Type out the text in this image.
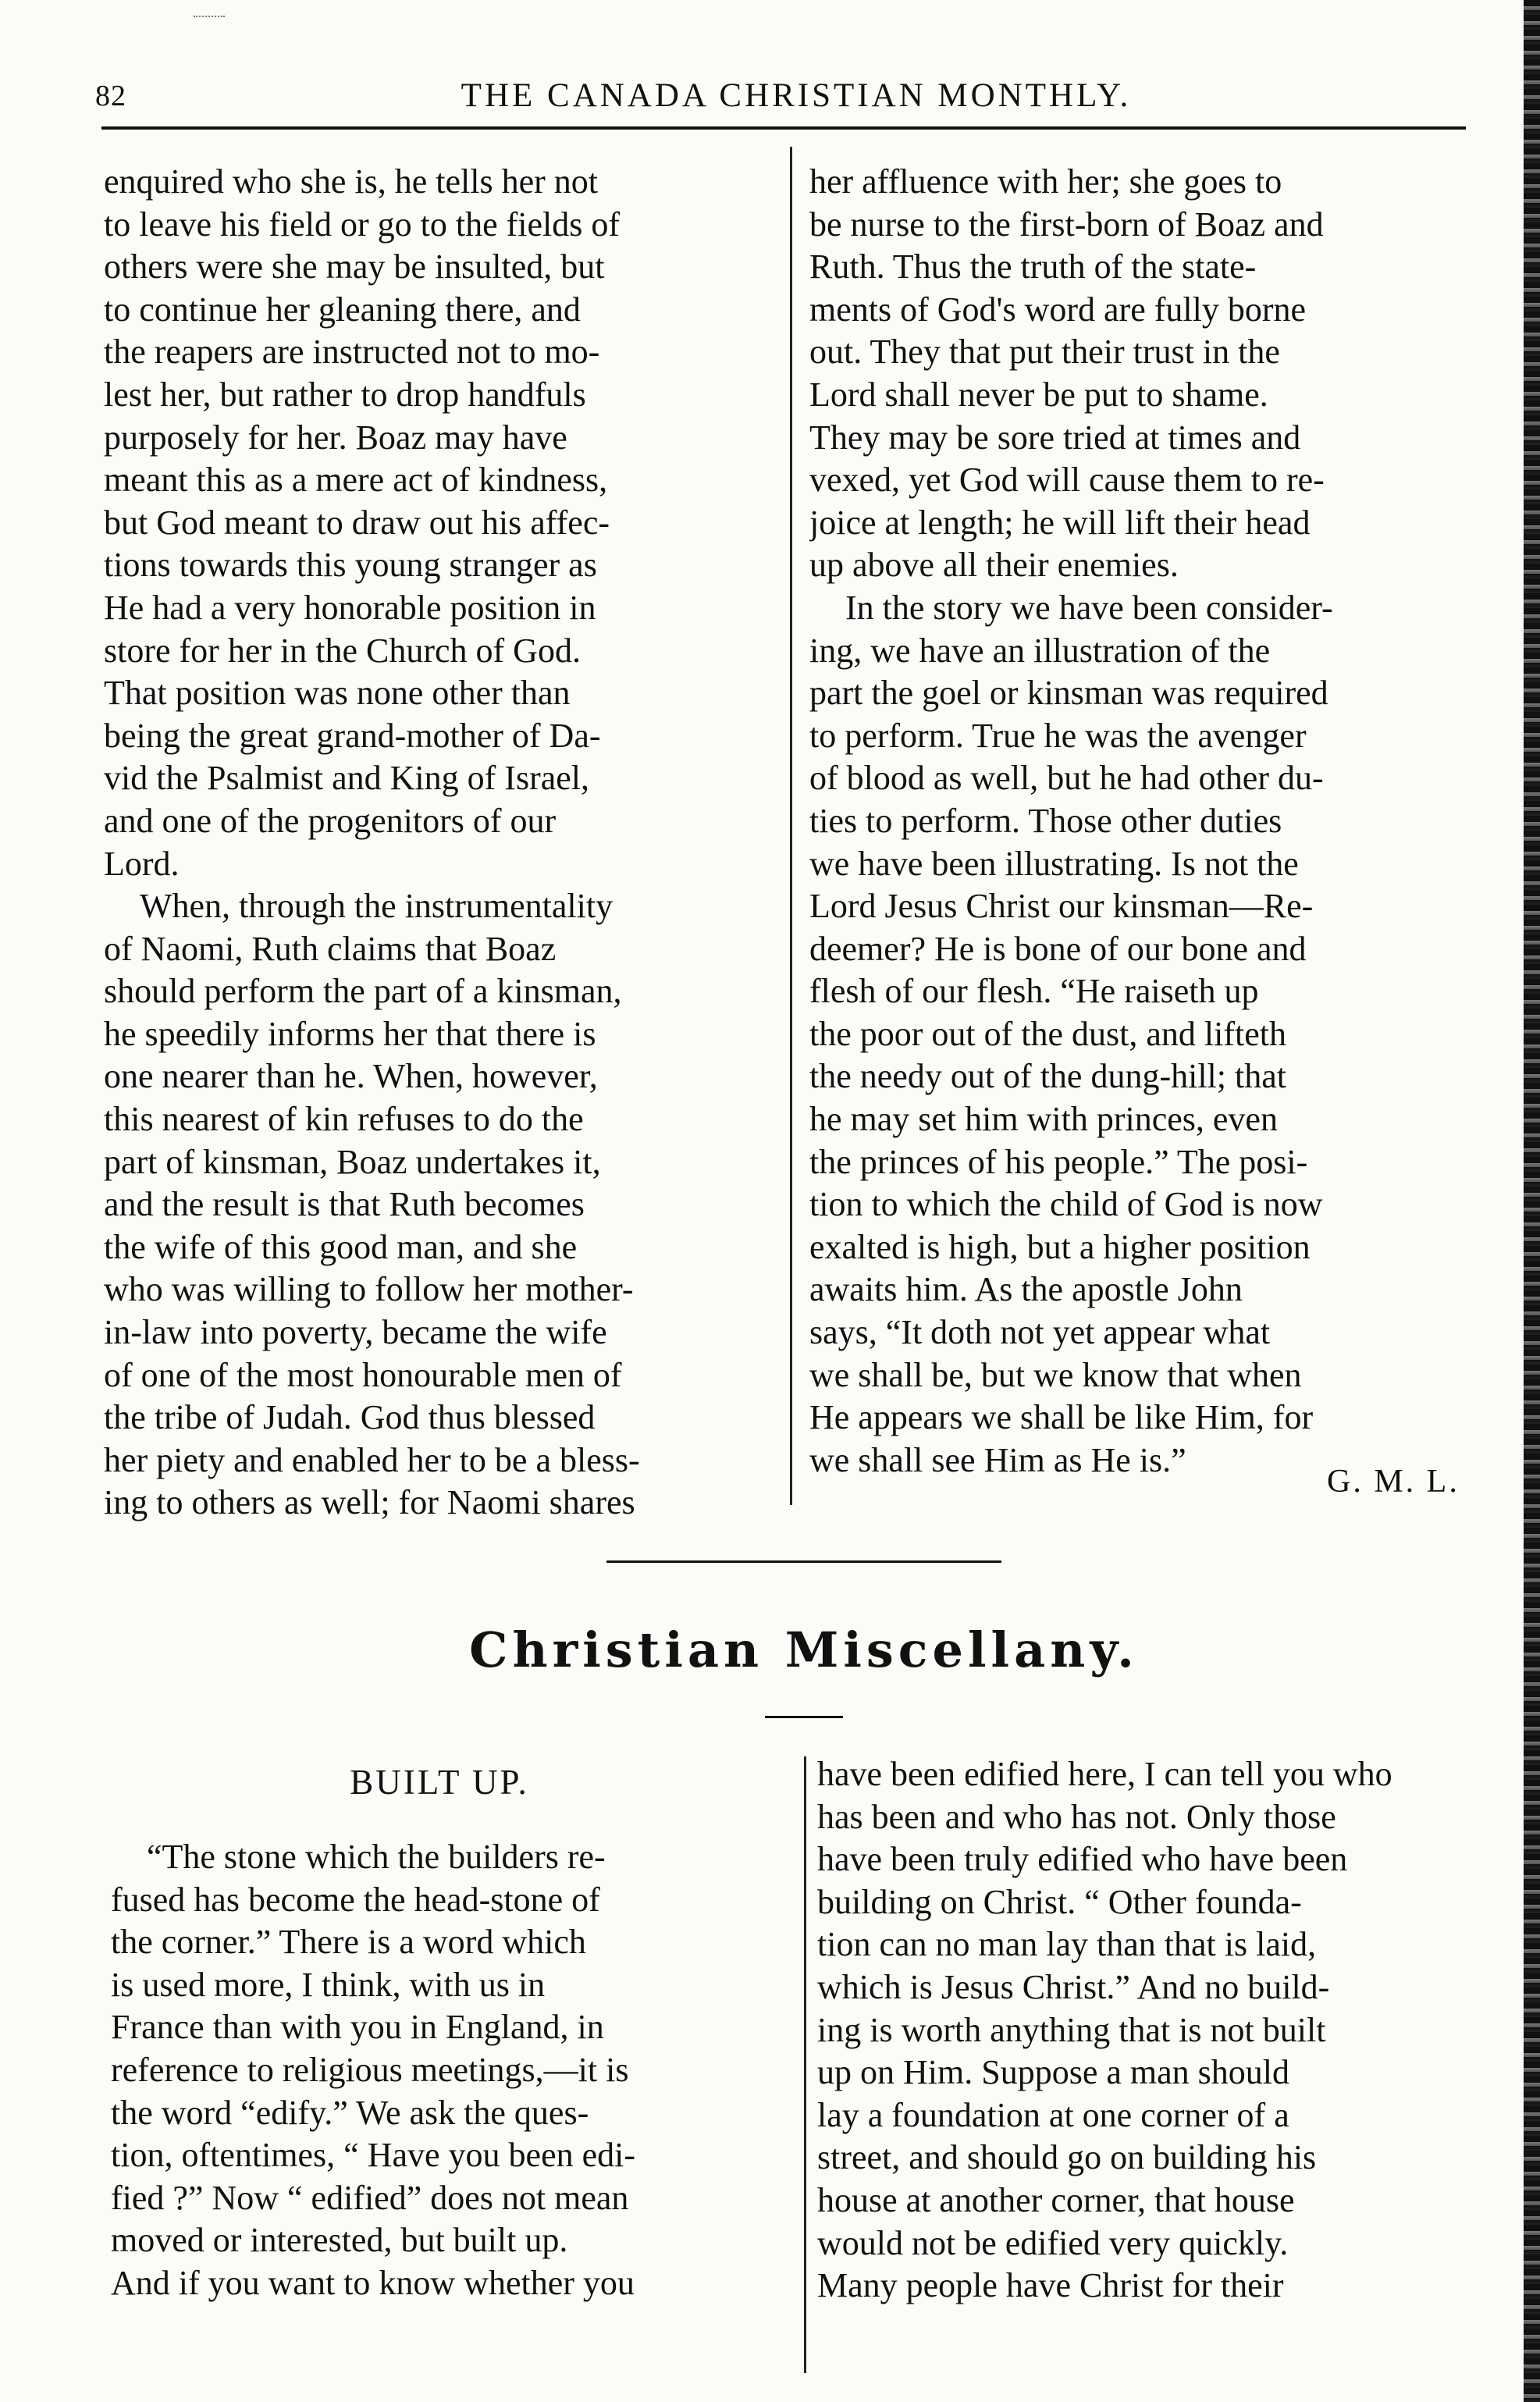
82	THE CANADA CHRISTIAN MONTHLY.

enquired who she is, he tells her not
to leave his field or go to the fields of
others were she may be insulted, but
to continue her gleaning there, and
the reapers are instructed not to mo-
lest her, but rather to drop handfuls
purposely for her. Boaz may have
meant this as a mere act of kindness,
but God meant to draw out his affec-
tions towards this young stranger as
He had a very honorable position in
store for her in the Church of God.
That position was none other than
being the great grand-mother of Da-
vid the Psalmist and King of Israel,
and one of the progenitors of our
Lord.

When, through the instrumentality
of Naomi, Ruth claims that Boaz
should perform the part of a kinsman,
he speedily informs her that there is
one nearer than he. When, however,
this nearest of kin refuses to do the
part of kinsman, Boaz undertakes it,
and the result is that Ruth becomes
the wife of this good man, and she
who was willing to follow her mother-
in-law into poverty, became the wife
of one of the most honourable men of
the tribe of Judah. God thus blessed
her piety and enabled her to be a bless-
ing to others as well; for Naomi shares

her affluence with her; she goes to
be nurse to the first-born of Boaz and
Ruth. Thus the truth of the state-
ments of God's word are fully borne
out. They that put their trust in the
Lord shall never be put to shame.
They may be sore tried at times and
vexed, yet God will cause them to re-
joice at length; he will lift their head
up above all their enemies.

In the story we have been consider-
ing, we have an illustration of the
part the goel or kinsman was required
to perform. True he was the avenger
of blood as well, but he had other du-
ties to perform. Those other duties
we have been illustrating. Is not the
Lord Jesus Christ our kinsman—Re-
deemer? He is bone of our bone and
flesh of our flesh. “He raiseth up
the poor out of the dust, and lifteth
the needy out of the dung-hill; that
he may set him with princes, even
the princes of his people.” The posi-
tion to which the child of God is now
exalted is high, but a higher position
awaits him. As the apostle John
says, “It doth not yet appear what
we shall be, but we know that when
He appears we shall be like Him, for
we shall see Him as He is.”

G. M. L.
Christian Miscellany.
BUILT UP.

“The stone which the builders re-
fused has become the head-stone of
the corner.” There is a word which
is used more, I think, with us in
France than with you in England, in
reference to religious meetings,—it is
the word “edify.” We ask the ques-
tion, oftentimes, “ Have you been edi-
fied ?” Now “ edified” does not mean
moved or interested, but built up.
And if you want to know whether you

have been edified here, I can tell you who
has been and who has not. Only those
have been truly edified who have been
building on Christ. “ Other founda-
tion can no man lay than that is laid,
which is Jesus Christ.” And no build-
ing is worth anything that is not built
up on Him. Suppose a man should
lay a foundation at one corner of a
street, and should go on building his
house at another corner, that house
would not be edified very quickly.
Many people have Christ for their
